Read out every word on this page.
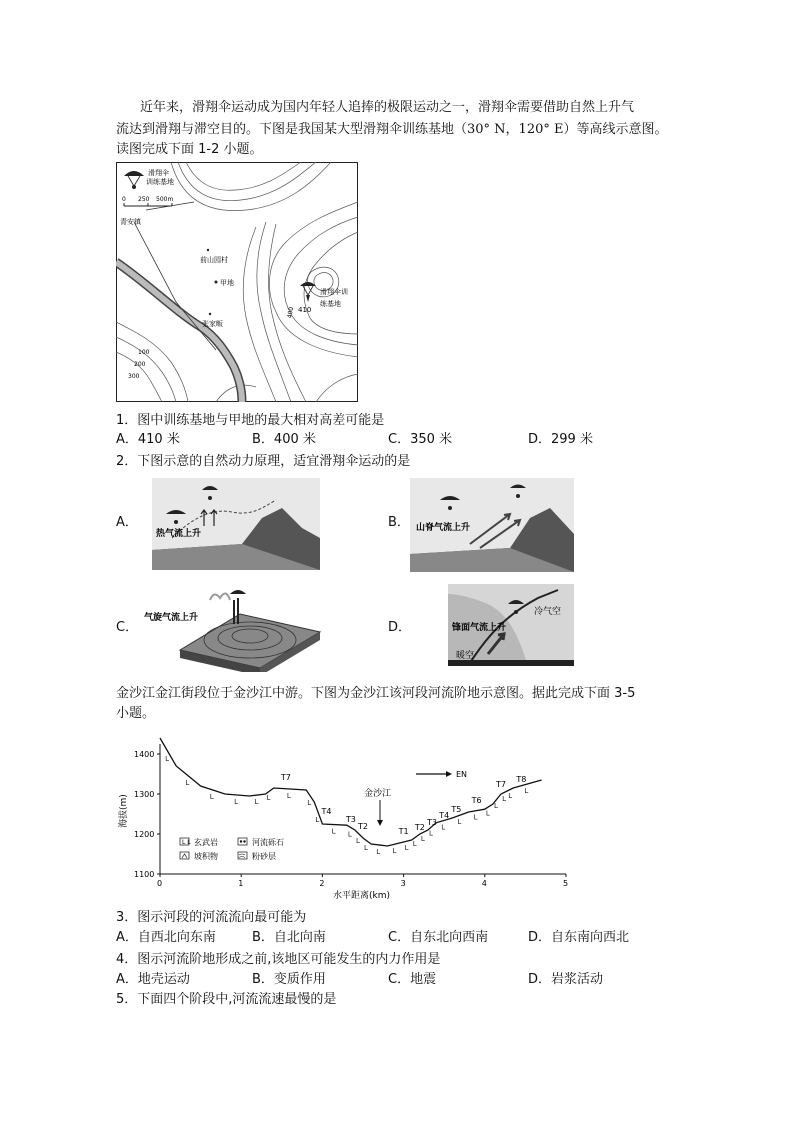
近年来，滑翔伞运动成为国内年轻人追捧的极限运动之一，滑翔伞需要借助自然上升气
流达到滑翔与滞空目的。下图是我国某大型滑翔伞训练基地（30° N，120° E）等高线示意图。
读图完成下面 1-2 小题。
滑翔伞
训练基地
0 250 500m
青安镇
前山园村
甲地
张家畈
滑翔伞训
练基地
410
400
100
200
300
1．图中训练基地与甲地的最大相对高差可能是
A．410 米	B．400 米	C．350 米	D．299 米
2．下图示意的自然动力原理，适宜滑翔伞运动的是
A．
热气流上升
B． 山脊气流上升
C．
气旋气流上升
D．	锋面气流上升
暖空
冷气空
金沙江金江街段位于金沙江中游。下图为金沙江该河段河流阶地示意图。据此完成下面 3-5
小题。
0	1	2	3	4	5
1100
1200
1300
1400 L
L
L
L L L L
L
L
L L
L
L L L L L
L
L
L
L
L L
L
L L
L
T7
T4
T3
T2
T1 T2
T3
T4
T5
T6
T7
T8
海拔(m)
水平距离(km)
金沙江
EN
L L 玄武岩	河流砾石
坡积物	粉砂层
3．图示河段的河流流向最可能为
A．自西北向东南	B．自北向南	C．自东北向西南	D．自东南向西北
4．图示河流阶地形成之前,该地区可能发生的内力作用是
A．地壳运动	B．变质作用	C．地震	D．岩浆活动
5．下面四个阶段中,河流流速最慢的是
